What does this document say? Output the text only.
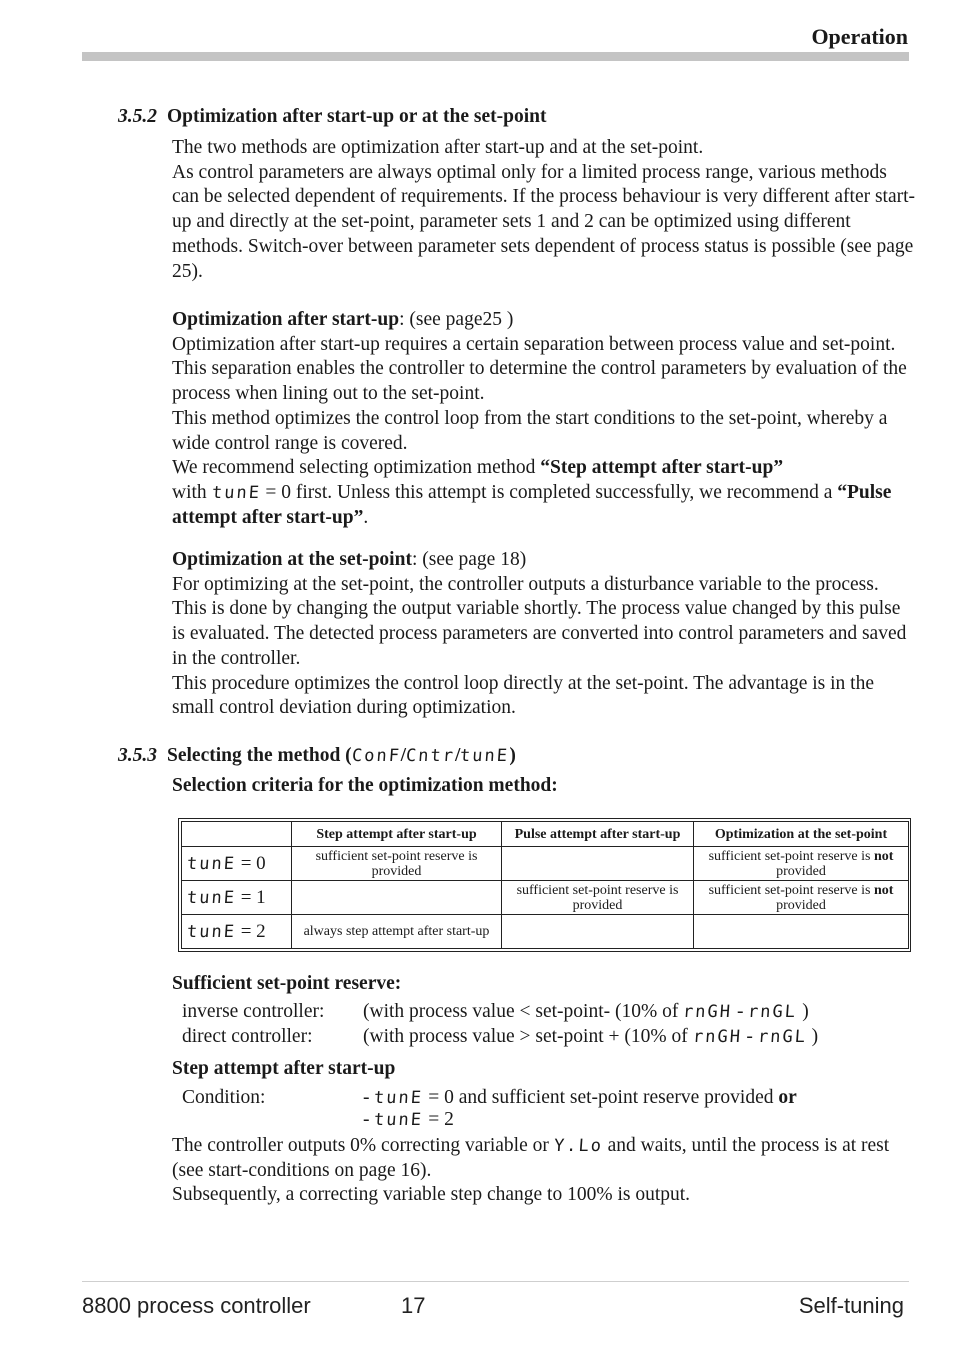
Operation
3.5.2 Optimization after start-up or at the set-point

The two methods are optimization after start-up and at the set-point.

As control parameters are always optimal only for a limited process range, various methods can be selected dependent of requirements. If the process behaviour is very different after start-up and directly at the set-point, parameter sets 1 and 2 can be optimized using different methods. Switch-over between parameter sets dependent of process status is possible (see page 25).

Optimization after start-up: (see page25 )

Optimization after start-up requires a certain separation between process value and set-point. This separation enables the controller to determine the control parameters by evaluation of the process when lining out to the set-point.

This method optimizes the control loop from the start conditions to the set-point, whereby a wide control range is covered.

We recommend selecting optimization method “Step attempt after start-up”
with tunE = 0 first. Unless this attempt is completed successfully, we recommend a “Pulse attempt after start-up”.

Optimization at the set-point: (see page 18)

For optimizing at the set-point, the controller outputs a disturbance variable to the process. This is done by changing the output variable shortly. The process value changed by this pulse is evaluated. The detected process parameters are converted into control parameters and saved in the controller.

This procedure optimizes the control loop directly at the set-point. The advantage is in the small control deviation during optimization.

3.5.3 Selecting the method (ConF/Cntr/tunE)
Selection criteria for the optimization method:
	Step attempt after start-up	Pulse attempt after start-up	Optimization at the set-point
tunE = 0	sufficient set-point reserve is provided		sufficient set-point reserve is not provided
tunE = 1		sufficient set-point reserve is provided	sufficient set-point reserve is not provided
tunE = 2	always step attempt after start-up		
Sufficient set-point reserve:
inverse controller: (with process value < set-point- (10% of rnGH - rnGL )
direct controller:	(with process value > set-point + (10% of rnGH - rnGL )
Step attempt after start-up
Condition:	- tunE = 0 and sufficient set-point reserve provided or
- tunE = 2

The controller outputs 0% correcting variable or Y.Lo and waits, until the process is at rest (see start-conditions on page 16).

Subsequently, a correcting variable step change to 100% is output.

8800 process controller	17	Self-tuning
